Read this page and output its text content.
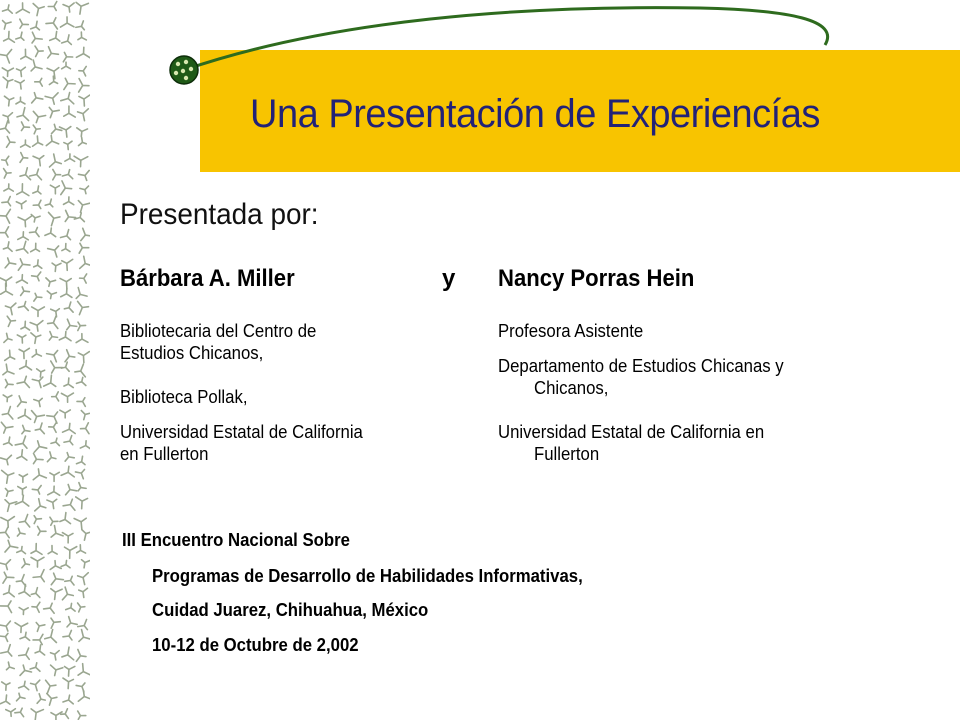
Una Presentación de Experiencías
Presentada por:
Bárbara A. Miller	y Nancy Porras Hein
Bibliotecaria del Centro de
Estudios Chicanos,
Biblioteca Pollak,
Universidad Estatal de California
en Fullerton
Profesora Asistente
Departamento de Estudios Chicanas y
Chicanos,
Universidad Estatal de California en
Fullerton
III Encuentro Nacional Sobre
Programas de Desarrollo de Habilidades Informativas,
Cuidad Juarez, Chihuahua, México
10-12 de Octubre de 2,002
